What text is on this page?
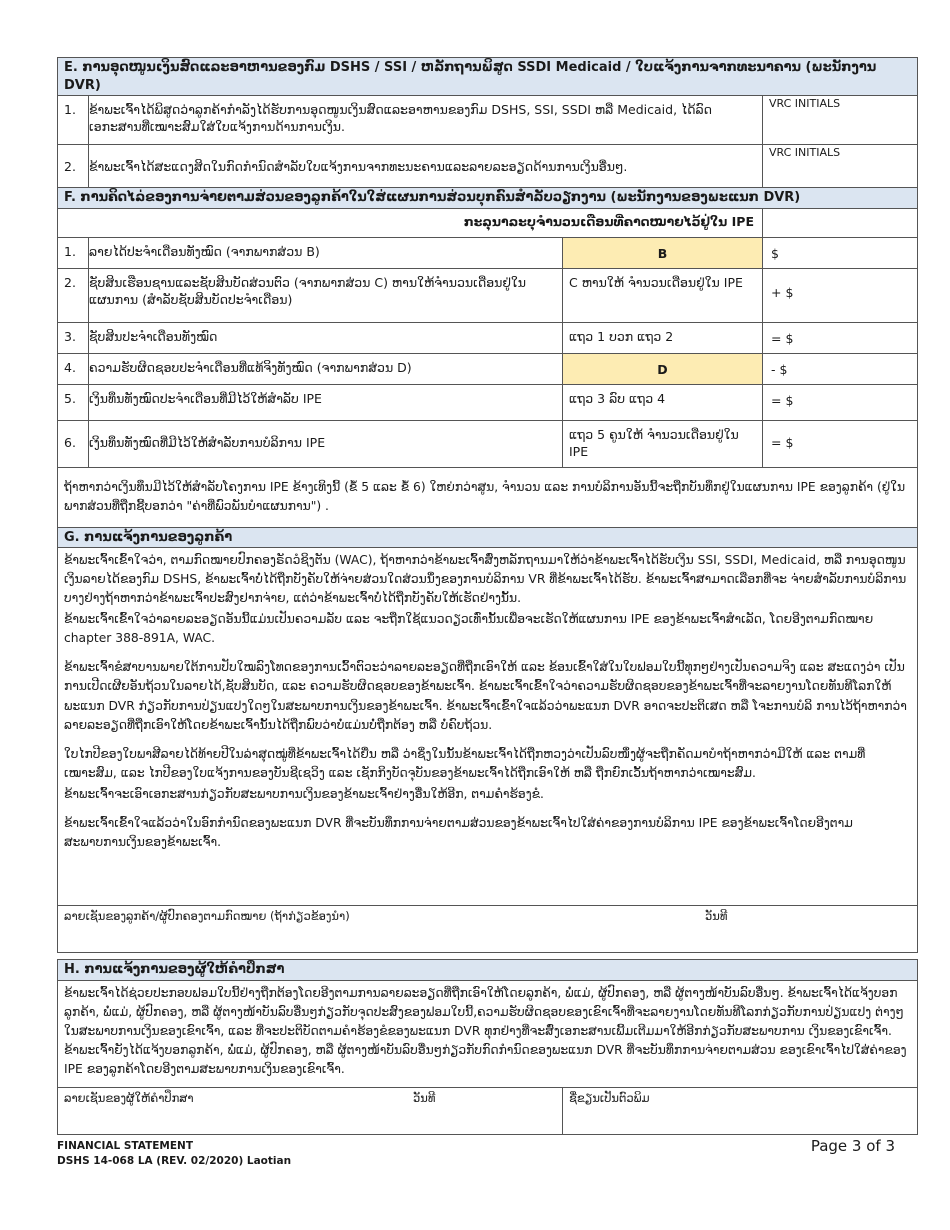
E. ການອຸດໜູນເງິນສົດແລະອາຫານຂອງກົມ DSHS / SSI / ຫລັກຖານພິສູດ SSDI Medicaid / ໃບແຈ້ງການຈາກທະນາຄານ (ພະນັກງານ DVR)		
1.	ຂ້າພະເຈົ້າໄດ້ພິສູດວ່າລູກຄ້າກຳລັງໄດ້ຮັບການອຸດໜູນເງິນສົດແລະອາຫານຂອງກົມ DSHS, SSI, SSDI ຫລື Medicaid, ໄດ້ລົດ ເອກະສານທີ່ເໝາະສົມໃສ່ໃບແຈ້ງການດ້ານການເງິນ.	VRC INITIALS
2.	ຂ້າພະເຈົ້າໄດ້ສະແດງສິດໃນກົດກຳນົດສຳລັບໃບແຈ້ງການຈາກທະນະຄານແລະລາຍລະອຽດດ້ານການເງິນອື່ນໆ.	VRC INITIALS
F. ການຄິດໄລ່ຂອງການຈ່າຍຕາມສ່ວນຂອງລູກຄ້າໃນໃສ່ແຜນການສ່ວນບຸກຄົນສຳລັບວຽກງານ (ພະນັກງານຂອງພະແນກ DVR)			
ກະລຸນາລະບຸຈຳນວນເດືອນທີ່ຄາດໝາຍໄວ້ຢູ່ໃນ IPE			
1.	ລາຍໄດ້ປະຈຳເດືອນທັງໝົດ (ຈາກພາກສ່ວນ B)	B	$
2.	ຊັບສິນເຮືອນຊານແລະຊັບສິນບັດສ່ວນຕົວ (ຈາກພາກສ່ວນ C) ຫານໃຫ້ຈຳນວນເດືອນຢູ່ໃນແຜນການ (ສຳລັບຊັບສິນບັດປະຈຳເດືອນ)	C ຫານໃຫ້ ຈຳນວນເດືອນຢູ່ໃນ IPE	+ $
3.	ຊັບສິນປະຈຳເດືອນທັງໝົດ	ແຖວ 1 ບວກ ແຖວ 2	= $
4.	ຄວາມຮັບຜິດຊອບປະຈຳເດືອນທີ່ແທ້ຈິງທັງໝົດ (ຈາກພາກສ່ວນ D)	D	- $
5.	ເງິນທຶນທັງໝົດປະຈຳເດືອນທີ່ມີໄວ້ໃຫ້ສຳລັບ IPE	ແຖວ 3 ລົບ ແຖວ 4	= $
6.	ເງິນທຶນທັງໝົດທີ່ມີໄວ້ໃຫ້ສຳລັບການບໍລິການ IPE	ແຖວ 5 ຄູນໃຫ້ ຈຳນວນເດືອນຢູ່ໃນ IPE	= $
ຖ້າຫາກວ່າເງິນທຶນມີໄວ້ໃຫ້ສຳລັບໂຄງການ IPE ຂ້າງເທິງນີ້ (ຂໍ້ 5 ແລະ ຂໍ້ 6) ໃຫຍ່ກວ່າສູນ, ຈຳນວນ ແລະ ການບໍລິການອັນນີ້ຈະຖືກບັນທຶກຢູ່ໃນແຜນການ IPE ຂອງລູກຄ້າ (ຢູ່ໃນພາກສ່ວນທີ່ຖືກຊີ້ບອກວ່າ "ຄ່າທີ່ພົວພັນບຳແຜນການ") .			
G. ການແຈ້ງການຂອງລູກຄ້າ

ຂ້າພະເຈົ້າເຂົ້າໃຈວ່າ, ຕາມກົດໝາຍປົກຄອງຣັດວໍຊິງຕັນ (WAC), ຖ້າຫາກວ່າຂ້າພະເຈົ້າສົ່ງຫລັກຖານມາໃຫ້ວ່າຂ້າພະເຈົ້າໄດ້ຮັບເງິນ SSI, SSDI, Medicaid, ຫລື ການອຸດໜູນເງິນລາຍໄດ້ຂອງກົມ DSHS, ຂ້າພະເຈົ້າບໍ່ໄດ້ຖືກບັງຄັບໃຫ້ຈ່າຍສ່ວນໃດສ່ວນນຶ່ງຂອງການບໍລິການ VR ທີ່ຂ້າພະເຈົ້າໄດ້ຮັບ. ຂ້າພະເຈົ້າສາມາດເລືອກທີ່ຈະ ຈ່າຍສຳລັບການບໍລິການບາງຢ່າງຖ້າຫາກວ່າຂ້າພະເຈົ້າປະສົງຢາກຈ່າຍ, ແຕ່ວ່າຂ້າພະເຈົ້າບໍ່ໄດ້ຖືກບັງຄັບໃຫ້ເຮັດຢ່າງນັ້ນ.

ຂ້າພະເຈົ້າເຂົ້າໃຈວ່າລາຍລະອຽດອັນນີ້ແມ່ນເປັນຄວາມລັບ ແລະ ຈະຖືກໃຊ້ແນວດຽວເທົ່ານັ້ນເພື່ອຈະເຮັດໃຫ້ແຜນການ IPE ຂອງຂ້າພະເຈົ້າສຳເລັດ, ໂດຍອີງຕາມກົດໝາຍ chapter 388-891A, WAC.

ຂ້າພະເຈົ້າຂໍສາບານພາຍໃຕ້ການປັບໃໝລົງໂທດຂອງການເວົ້າຕົວະວ່າລາຍລະອຽດທີ່ຖືກເອົາໃຫ້ ແລະ ຂ້ອນເຂົ້າໃສ່ໃນໃບຟອມໃບນີ້ທຸກໆຢ່າງເປັນຄວາມຈິງ ແລະ ສະແດງວ່າ ເປັນການເປີດເຜີຍອັນຖ້ວນໃນລາຍໄດ້,ຊັບສິນບັດ, ແລະ ຄວາມຮັບຜິດຊອບຂອງຂ້າພະເຈົ້າ. ຂ້າພະເຈົ້າເຂົ້າໃຈວ່າຄວາມຮັບຜິດຊອບຂອງຂ້າພະເຈົ້າທີ່ຈະລາຍງານໂດຍທັນທີໂລກໃຫ້ ພະແນກ DVR ກ່ຽວກັບການປ່ຽນແປງໃດໆໃນສະພາບການເງິນຂອງຂ້າພະເຈົ້າ. ຂ້າພະເຈົ້າເຂົ້າໃຈແລ້ວວ່າພະແນກ DVR ອາດຈະປະຕິເສດ ຫລື ໂຈະການບໍລິ ການໄວ້ຖ້າຫາກວ່າລາຍລະອຽດທີ່ຖືກເອົາໃຫ້ໂດຍຂ້າພະເຈົ້ານັ້ນໄດ້ຖືກພົບວ່າບໍ່ແມ່ນບໍ່ຖືກຕ້ອງ ຫລື ບໍ່ຄົບຖ້ວນ.

ໃບໄກປີຂອງໃບພາສີລາຍໄດ້ທ້າຍປີໃນລ່າສຸດໝູ່ທີ່ຂ້າພະເຈົ້າໄດ້ຍື່ນ ຫລື ວ່າຊິ່ງໃນນັ້ນຂ້າພະເຈົ້າໄດ້ຖືກຫວງວ່າເປັນລົບໜຶ່ງຜູ້ຈະຖືກຄັດມາບຳຖ້າຫາກວ່າມີໃຫ້ ແລະ ຕາມທີ່ເໝາະສົມ, ແລະ ໄກປີຂອງໃບແຈ້ງການຂອງບັນຊີເຊວິງ ແລະ ເຊັກກິງບັດຈຸບັນຂອງຂ້າພະເຈົ້າໄດ້ຖືກເອົາໃຫ້ ຫລື ຖືກຍົກເວັ້ນຖ້າຫາກວ່າເໝາະສົມ.

ຂ້າພະເຈົ້າຈະເອົາເອກະສານກ່ຽວກັບສະພາບການເງິນຂອງຂ້າພະເຈົ້າຢ່າງອື່ນໃຫ້ອີກ, ຕາມຄຳຮ້ອງຂໍ.

ຂ້າພະເຈົ້າເຂົ້າໃຈແລ້ວວ່າໃນອົກກຳນົດຂອງພະແນກ DVR ທີ່ຈະບັນທຶກການຈ່າຍຕາມສ່ວນຂອງຂ້າພະເຈົ້າໄປໃສ່ຄ່າຂອງການບໍລິການ IPE ຂອງຂ້າພະເຈົ້າໂດຍອີງຕາມ ສະພາບການເງິນຂອງຂ້າພະເຈົ້າ.

ລາຍເຊັນຂອງລູກຄ້າ/ຜູ້ປົກຄອງຕາມກົດໝາຍ (ຖ້າກ່ຽວຂ້ອງນຳ)	ວັນທີ
H. ການແຈ້ງການຂອງຜູ້ໃຫ້ຄຳປຶກສາ
ຂ້າພະເຈົ້າໄດ້ຊ່ວຍປະກອບຟອມໃບນີ້ຢ່າງຖືກຕ້ອງໂດຍອີງຕາມການລາຍລະອຽດທີ່ຖືກເອົາໃຫ້ໂດຍລູກຄ້າ, ພໍ່ແມ່, ຜູ້ປົກຄອງ, ຫລື ຜູ້ຕາງໜ້າບັນລົບອື່ນໆ. ຂ້າພະເຈົ້າໄດ້ແຈ້ງບອກ ລູກຄ້າ, ພໍ່ແມ່, ຜູ້ປົກຄອງ, ຫລື ຜູ້ຕາງໜ້າບັນລົບອື່ນໆກ່ຽວກັບຈຸດປະສົງຂອງຟອມໃບນີ້,ຄວາມຮັບຜິດຊອບຂອງເຂົາເຈົ້າທີ່ຈະລາຍງານໂດຍທັນທີໂລກກ່ຽວກັບການປ່ຽນແປງ ຕ່າງໆໃນສະພາບການເງິນຂອງເຂົາເຈົ້າ, ແລະ ທີ່ຈະປະຕິບັດຕາມຄຳຮ້ອງຂໍຂອງພະແນກ DVR ທຸກຢ່າງທີ່ຈະສົ່ງເອກະສານເພີ້ມເຕີມມາໃຫ້ອີກກ່ຽວກັບສະພາບການ ເງິນຂອງເຂົາເຈົ້າ. ຂ້າພະເຈົ້າຍັງໄດ້ແຈ້ງບອກລູກຄ້າ, ພໍ່ແມ່, ຜູ້ປົກຄອງ, ຫລື ຜູ້ຕາງໜ້າບັນລົບອື່ນໆກ່ຽວກັບກົດກຳນົດຂອງພະແນກ DVR ທີ່ຈະບັນທຶກການຈ່າຍຕາມສ່ວນ ຂອງເຂົາເຈົ້າໄປໃສ່ຄ່າຂອງ IPE ຂອງລູກຄ້າໂດຍອີງຕາມສະພາບການເງິນຂອງເຂົາເຈົ້າ.
ລາຍເຊັນຂອງຜູ້ໃຫ້ຄຳປຶກສາ	ວັນທີ	ຊື່ຂຽນເປັນຕົວພິມ
FINANCIAL STATEMENT
DSHS 14-068 LA (REV. 02/2020) Laotian
Page 3 of 3
